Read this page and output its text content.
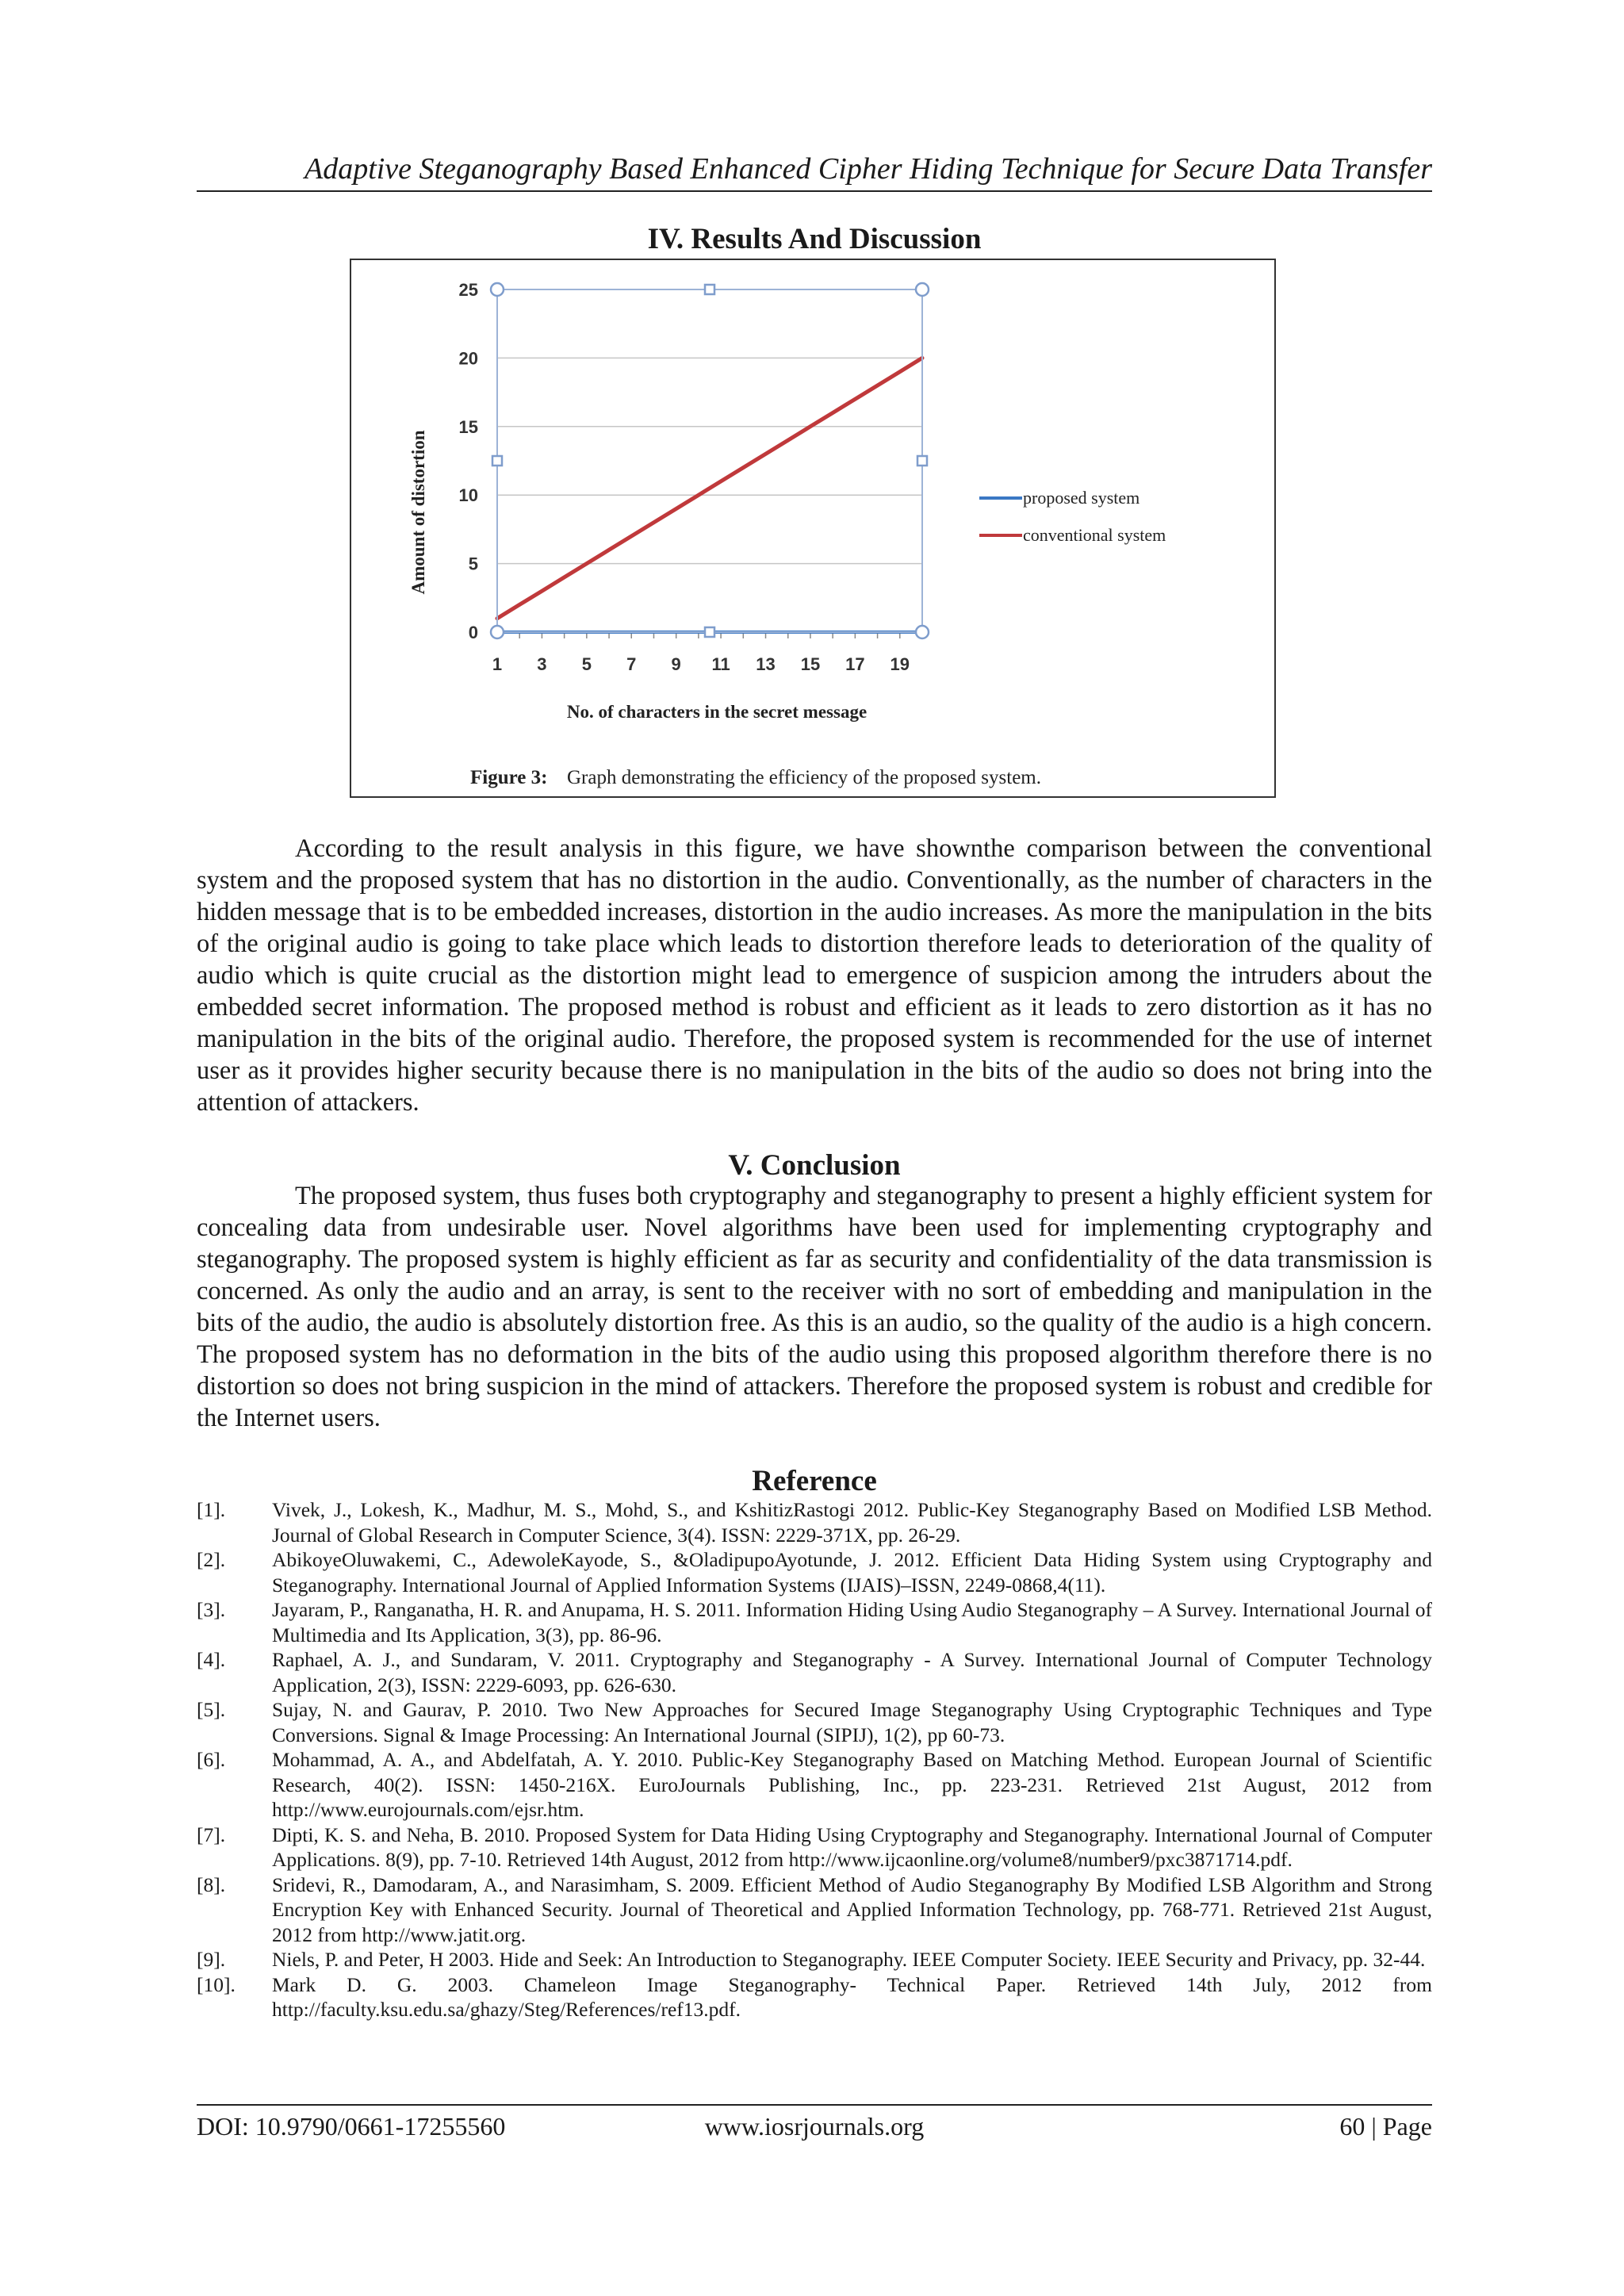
Adaptive Steganography Based Enhanced Cipher Hiding Technique for Secure Data Transfer
IV. Results And Discussion
0
5
10
15
20
25
1 3 5 7 9 11 13 15 17 19
Amount of distortion
No. of characters in the secret message
proposed system
conventional system
Figure 3: Graph demonstrating the efficiency of the proposed system.

According to the result analysis in this figure, we have shownthe comparison between the conventional system and the proposed system that has no distortion in the audio. Conventionally, as the number of characters in the hidden message that is to be embedded increases, distortion in the audio increases. As more the manipulation in the bits of the original audio is going to take place which leads to distortion therefore leads to deterioration of the quality of audio which is quite crucial as the distortion might lead to emergence of suspicion among the intruders about the embedded secret information. The proposed method is robust and efficient as it leads to zero distortion as it has no manipulation in the bits of the original audio. Therefore, the proposed system is recommended for the use of internet user as it provides higher security because there is no manipulation in the bits of the audio so does not bring into the attention of attackers.

V. Conclusion

The proposed system, thus fuses both cryptography and steganography to present a highly efficient system for concealing data from undesirable user. Novel algorithms have been used for implementing cryptography and steganography. The proposed system is highly efficient as far as security and confidentiality of the data transmission is concerned. As only the audio and an array, is sent to the receiver with no sort of embedding and manipulation in the bits of the audio, the audio is absolutely distortion free. As this is an audio, so the quality of the audio is a high concern. The proposed system has no deformation in the bits of the audio using this proposed algorithm therefore there is no distortion so does not bring suspicion in the mind of attackers. Therefore the proposed system is robust and credible for the Internet users.

Reference

[1].	Vivek, J., Lokesh, K., Madhur, M. S., Mohd, S., and KshitizRastogi 2012. Public-Key Steganography Based on Modified LSB Method. Journal of Global Research in Computer Science, 3(4). ISSN: 2229-371X, pp. 26-29.

[2].	AbikoyeOluwakemi, C., AdewoleKayode, S., &OladipupoAyotunde, J. 2012. Efficient Data Hiding System using Cryptography and Steganography. International Journal of Applied Information Systems (IJAIS)–ISSN, 2249-0868,4(11).

[3].	Jayaram, P., Ranganatha, H. R. and Anupama, H. S. 2011. Information Hiding Using Audio Steganography – A Survey. International Journal of Multimedia and Its Application, 3(3), pp. 86-96.

[4].	Raphael, A. J., and Sundaram, V. 2011. Cryptography and Steganography - A Survey. International Journal of Computer Technology Application, 2(3), ISSN: 2229-6093, pp. 626-630.

[5].	Sujay, N. and Gaurav, P. 2010. Two New Approaches for Secured Image Steganography Using Cryptographic Techniques and Type Conversions. Signal & Image Processing: An International Journal (SIPIJ), 1(2), pp 60-73.

[6].	Mohammad, A. A., and Abdelfatah, A. Y. 2010. Public-Key Steganography Based on Matching Method. European Journal of Scientific Research, 40(2). ISSN: 1450-216X. EuroJournals Publishing, Inc., pp. 223-231. Retrieved 21st August, 2012 from http://www.eurojournals.com/ejsr.htm.

[7].	Dipti, K. S. and Neha, B. 2010. Proposed System for Data Hiding Using Cryptography and Steganography. International Journal of Computer Applications. 8(9), pp. 7-10. Retrieved 14th August, 2012 from http://www.ijcaonline.org/volume8/number9/pxc3871714.pdf.

[8].	Sridevi, R., Damodaram, A., and Narasimham, S. 2009. Efficient Method of Audio Steganography By Modified LSB Algorithm and Strong Encryption Key with Enhanced Security. Journal of Theoretical and Applied Information Technology, pp. 768-771. Retrieved 21st August, 2012 from http://www.jatit.org.

[9].	Niels, P. and Peter, H 2003. Hide and Seek: An Introduction to Steganography. IEEE Computer Society. IEEE Security and Privacy, pp. 32-44.

[10].	Mark D. G. 2003. Chameleon Image Steganography- Technical Paper. Retrieved 14th July, 2012 from http://faculty.ksu.edu.sa/ghazy/Steg/References/ref13.pdf.

DOI: 10.9790/0661-17255560	www.iosrjournals.org	60 | Page
